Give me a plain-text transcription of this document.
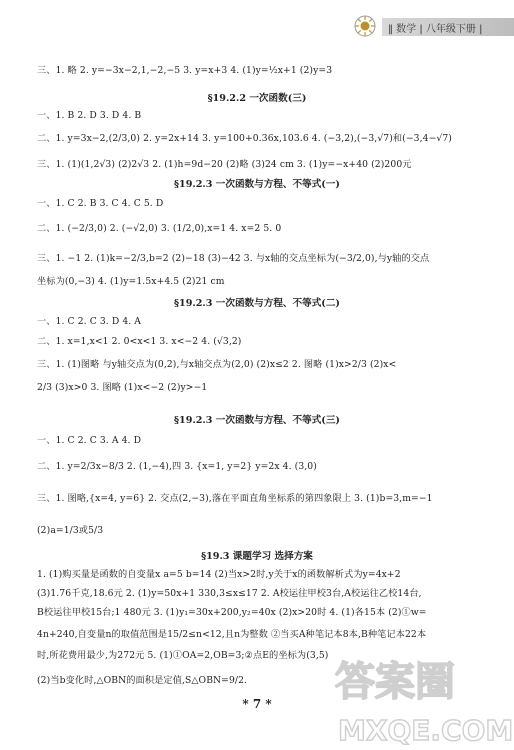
‖ 数学 | 八年级下册 |
三、1. 略 2. y=−3x−2,1,−2,−5 3. y=x+3 4. (1)y=½x+1 (2)y=3
§19.2.2 一次函数(三)
一、1. B 2. D 3. D 4. B
二、1. y=3x−2,(2/3,0) 2. y=2x+14 3. y=100+0.36x,103.6 4. (−3,2),(−3,√7)和(−3,4−√7)
三、1. (1)(1,2√3) (2)2√3 2. (1)h=9d−20 (2)略 (3)24 cm 3. (1)y=−x+40 (2)200元
§19.2.3 一次函数与方程、不等式(一)
一、1. C 2. B 3. C 4. C 5. D
二、1. (−2/3,0) 2. (−√2,0) 3. (1/2,0),x=1 4. x=2 5. 0
三、1. −1 2. (1)k=−2/3,b=2 (2)−18 (3)−42 3. 与x轴的交点坐标为(−3/2,0),与y轴的交点
坐标为(0,−3) 4. (1)y=1.5x+4.5 (2)21 cm
§19.2.3 一次函数与方程、不等式(二)
一、1. C 2. C 3. D 4. A
二、1. x=1,x<1 2. 0<x<1 3. x<−2 4. (√3,2)
三、1. (1)图略 与y轴交点为(0,2),与x轴交点为(2,0) (2)x≤2 2. 图略 (1)x>2/3 (2)x<
2/3 (3)x>0 3. 图略 (1)x<−2 (2)y>−1
§19.2.3 一次函数与方程、不等式(三)
一、1. C 2. C 3. A 4. D
二、1. y=2/3x−8/3 2. (1,−4),四 3. {x=1, y=2} y=2x 4. (3,0)
三、1. 图略,{x=4, y=6} 2. 交点(2,−3),落在平面直角坐标系的第四象限上 3. (1)b=3,m=−1
(2)a=1/3或5/3
§19.3 课题学习 选择方案
1. (1)购买量是函数的自变量x a=5 b=14 (2)当x>2时,y关于x的函数解析式为y=4x+2
(3)1.76千克,18.6元 2. (1)y=50x+1 330,3≤x≤17 2. A校运往甲校3台,A校运往乙校14台,
B校运往甲校15台;1 480元 3. (1)y₁=30x+200,y₂=40x (2)x>20时 4. (1)各15本 (2)①w=
4n+240,自变量n的取值范围是15/2≤n<12,且n为整数 ②当买A种笔记本8本,B种笔记本22本
时,所花费用最少,为272元 5. (1)①OA=2,OB=3;②点E的坐标为(3,5)
(2)当b变化时,△OBN的面积是定值,S△OBN=9/2.
* 7 *	答案圈
MXQE.COM
